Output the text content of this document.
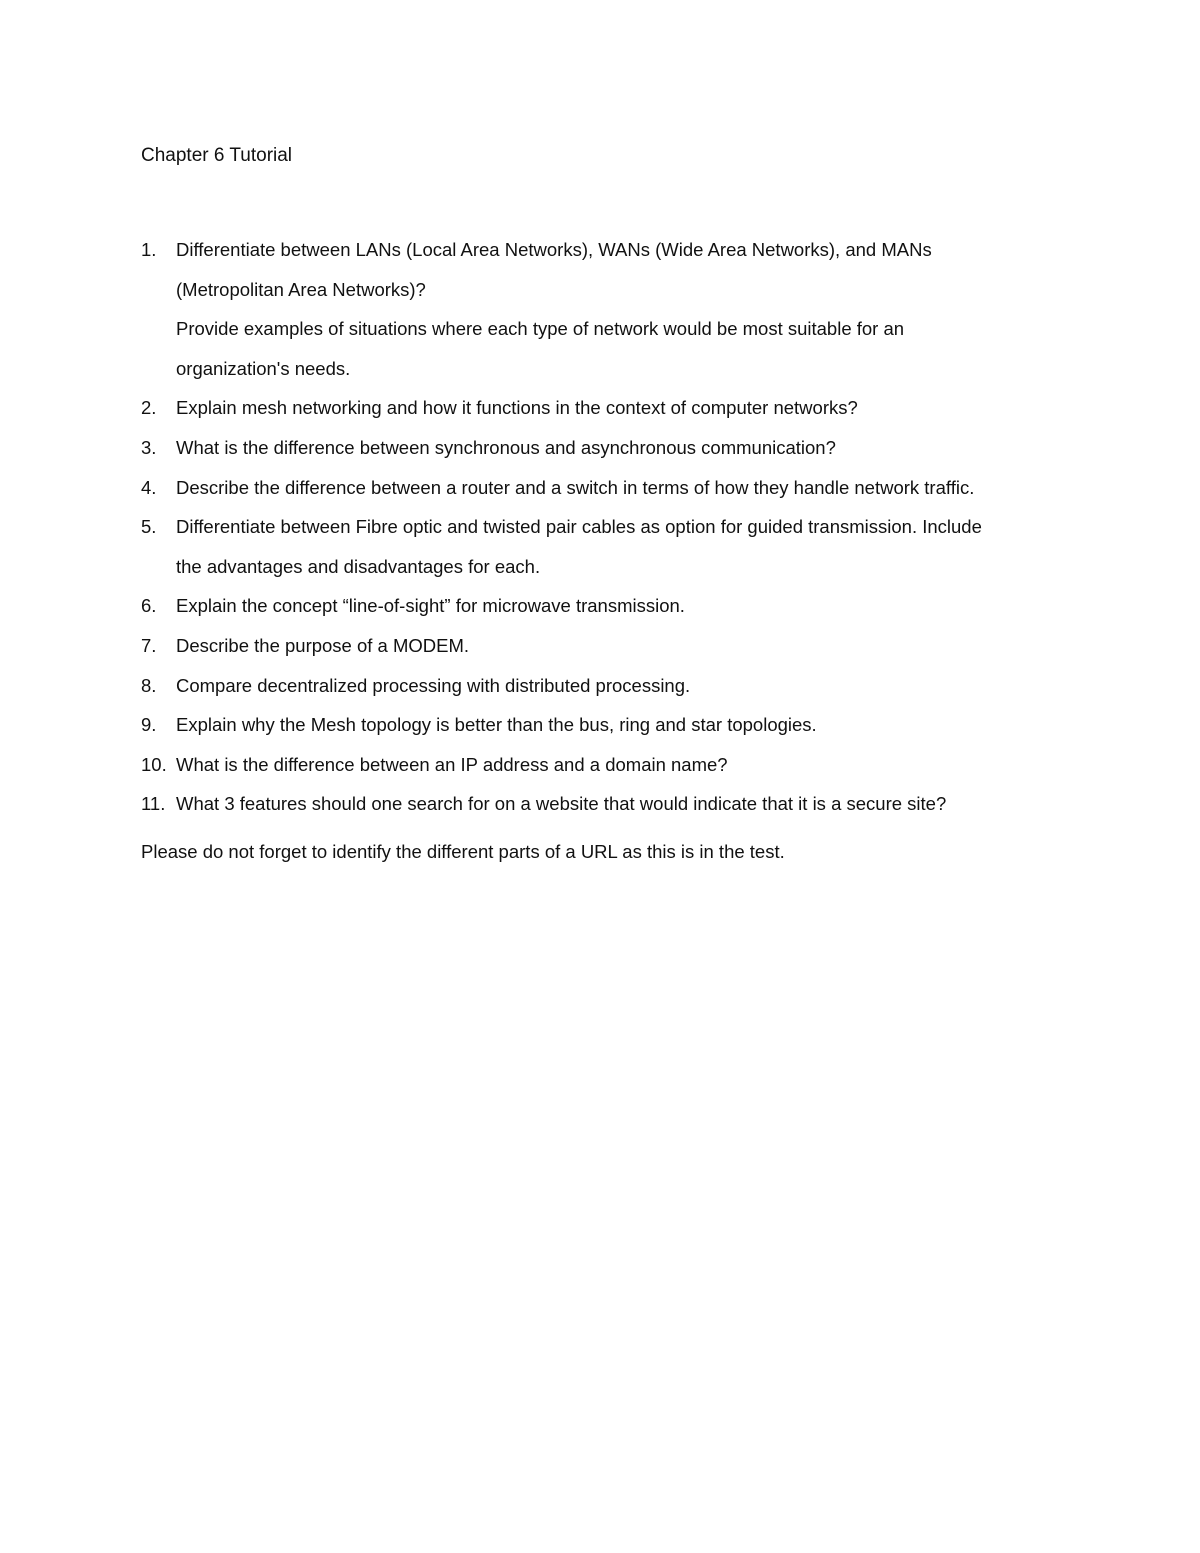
Chapter 6 Tutorial
1. Differentiate between LANs (Local Area Networks), WANs (Wide Area Networks), and MANs
(Metropolitan Area Networks)?
Provide examples of situations where each type of network would be most suitable for an
organization's needs.
2. Explain mesh networking and how it functions in the context of computer networks?
3. What is the difference between synchronous and asynchronous communication?
4. Describe the difference between a router and a switch in terms of how they handle network traffic.
5. Differentiate between Fibre optic and twisted pair cables as option for guided transmission. Include
the advantages and disadvantages for each.
6. Explain the concept “line-of-sight” for microwave transmission.
7. Describe the purpose of a MODEM.
8. Compare decentralized processing with distributed processing.
9. Explain why the Mesh topology is better than the bus, ring and star topologies.
10. What is the difference between an IP address and a domain name?
11. What 3 features should one search for on a website that would indicate that it is a secure site?
Please do not forget to identify the different parts of a URL as this is in the test.
